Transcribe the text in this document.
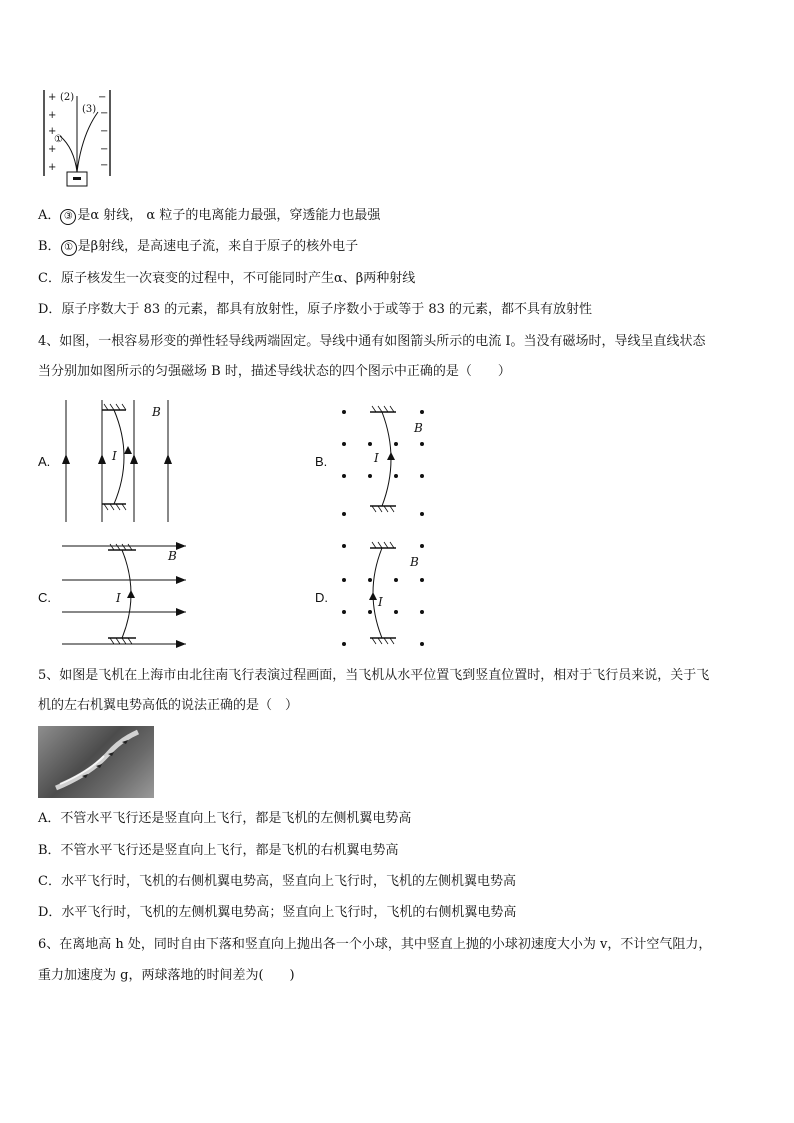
+
+
+
+
+
−
−
−
−
−
(2)
(3)
①
A． ③ 是α 射线， α 粒子的电离能力最强，穿透能力也最强
B． ① 是β射线，是高速电子流，来自于原子的核外电子
C．原子核发生一次衰变的过程中，不可能同时产生α、β两种射线
D．原子序数大于 83 的元素，都具有放射性，原子序数小于或等于 83 的元素，都不具有放射性
4、如图，一根容易形变的弹性轻导线两端固定。导线中通有如图箭头所示的电流 I。当没有磁场时，导线呈直线状态
当分别加如图所示的匀强磁场 B 时，描述导线状态的四个图示中正确的是（　　）
A.	I
B
B.	I
B
C.	I
B
D.	I
B
5、如图是飞机在上海市由北往南飞行表演过程画面，当飞机从水平位置飞到竖直位置时，相对于飞行员来说，关于飞
机的左右机翼电势高低的说法正确的是（　）
A．不管水平飞行还是竖直向上飞行，都是飞机的左侧机翼电势高
B．不管水平飞行还是竖直向上飞行，都是飞机的右机翼电势高
C．水平飞行时，飞机的右侧机翼电势高，竖直向上飞行时，飞机的左侧机翼电势高
D．水平飞行时，飞机的左侧机翼电势高；竖直向上飞行时，飞机的右侧机翼电势高
6、在离地高 h 处，同时自由下落和竖直向上抛出各一个小球，其中竖直上抛的小球初速度大小为 v，不计空气阻力，
重力加速度为 g，两球落地的时间差为(　　)
